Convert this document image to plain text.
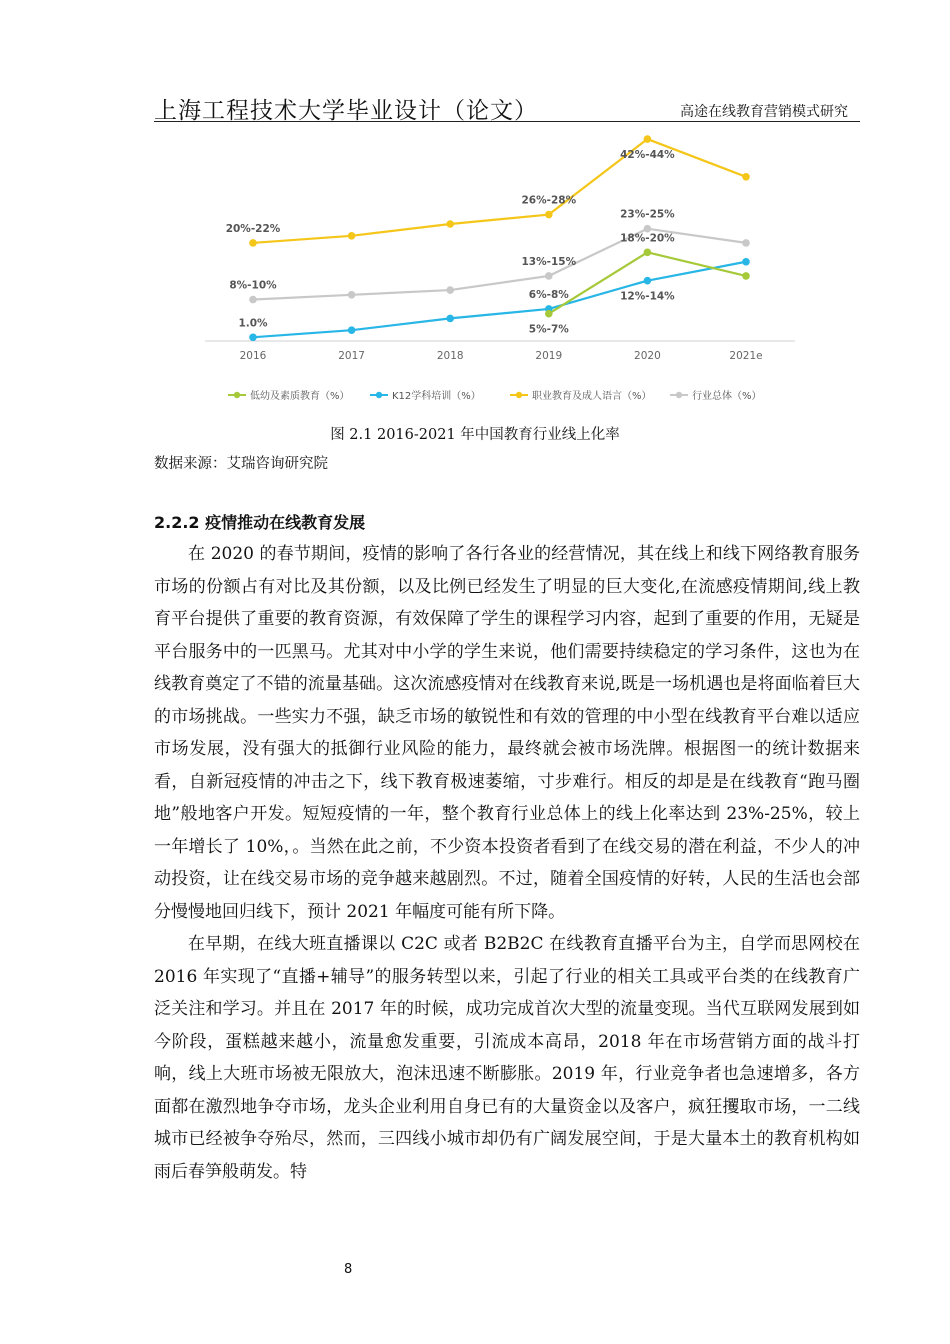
上海工程技术大学毕业设计（论文）	高途在线教育营销模式研究
8%-10%
13%-15%
23%-25%
20%-22%
26%-28%
42%-44%
1.0%
6%-8%	12%-14%
5%-7%
18%-20%
2016	2017	2018	2019	2020	2021e
低幼及素质教育（%）	K12学科培训（%）	职业教育及成人语言（%）	行业总体（%）
图 2.1 2016-2021 年中国教育行业线上化率
数据来源：艾瑞咨询研究院
2.2.2 疫情推动在线教育发展

在 2020 的春节期间，疫情的影响了各行各业的经营情况，其在线上和线下网络教育服务市场的份额占有对比及其份额，以及比例已经发生了明显的巨大变化,在流感疫情期间,线上教育平台提供了重要的教育资源，有效保障了学生的课程学习内容，起到了重要的作用，无疑是平台服务中的一匹黑马。尤其对中小学的学生来说，他们需要持续稳定的学习条件，这也为在线教育奠定了不错的流量基础。这次流感疫情对在线教育来说,既是一场机遇也是将面临着巨大的市场挑战。一些实力不强，缺乏市场的敏锐性和有效的管理的中小型在线教育平台难以适应市场发展，没有强大的抵御行业风险的能力，最终就会被市场洗牌。根据图一的统计数据来看，自新冠疫情的冲击之下，线下教育极速萎缩，寸步难行。相反的却是是在线教育“跑马圈地”般地客户开发。短短疫情的一年，整个教育行业总体上的线上化率达到 23%-25%，较上一年增长了 10%，。当然在此之前，不少资本投资者看到了在线交易的潜在利益，不少人的冲动投资，让在线交易市场的竞争越来越剧烈。不过，随着全国疫情的好转，人民的生活也会部分慢慢地回归线下，预计 2021 年幅度可能有所下降。

在早期，在线大班直播课以 C2C 或者 B2B2C 在线教育直播平台为主，自学而思网校在 2016 年实现了“直播+辅导”的服务转型以来，引起了行业的相关工具或平台类的在线教育广泛关注和学习。并且在 2017 年的时候，成功完成首次大型的流量变现。当代互联网发展到如今阶段，蛋糕越来越小，流量愈发重要，引流成本高昂，2018 年在市场营销方面的战斗打响，线上大班市场被无限放大，泡沫迅速不断膨胀。2019 年，行业竞争者也急速增多，各方面都在激烈地争夺市场，龙头企业利用自身已有的大量资金以及客户，疯狂攫取市场，一二线城市已经被争夺殆尽，然而，三四线小城市却仍有广阔发展空间，于是大量本土的教育机构如雨后春笋般萌发。特

8
